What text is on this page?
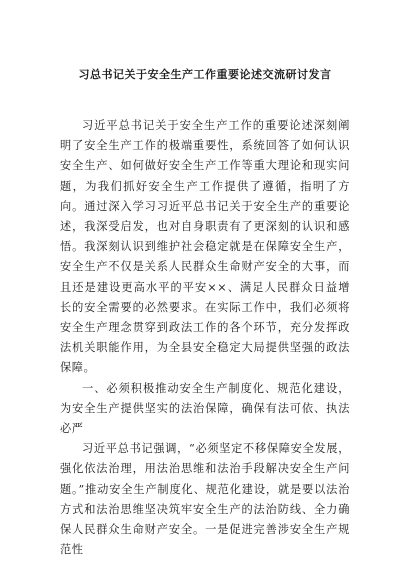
习总书记关于安全生产工作重要论述交流研讨发言

习近平总书记关于安全生产工作的重要论述深刻阐明了安全生产工作的极端重要性，系统回答了如何认识安全生产、如何做好安全生产工作等重大理论和现实问题，为我们抓好安全生产工作提供了遵循，指明了方向。通过深入学习习近平总书记关于安全生产的重要论述，我深受启发，也对自身职责有了更深刻的认识和感悟。我深刻认识到维护社会稳定就是在保障安全生产，安全生产不仅是关系人民群众生命财产安全的大事，而且还是建设更高水平的平安××、满足人民群众日益增长的安全需要的必然要求。在实际工作中，我们必须将安全生产理念贯穿到政法工作的各个环节，充分发挥政法机关职能作用，为全县安全稳定大局提供坚强的政法保障。

一、必须积极推动安全生产制度化、规范化建设，为安全生产提供坚实的法治保障，确保有法可依、执法必严

习近平总书记强调，“必须坚定不移保障安全发展，强化依法治理，用法治思维和法治手段解决安全生产问题。”推动安全生产制度化、规范化建设，就是要以法治方式和法治思维坚决筑牢安全生产的法治防线、全力确保人民群众生命财产安全。一是促进完善涉安全生产规范性
